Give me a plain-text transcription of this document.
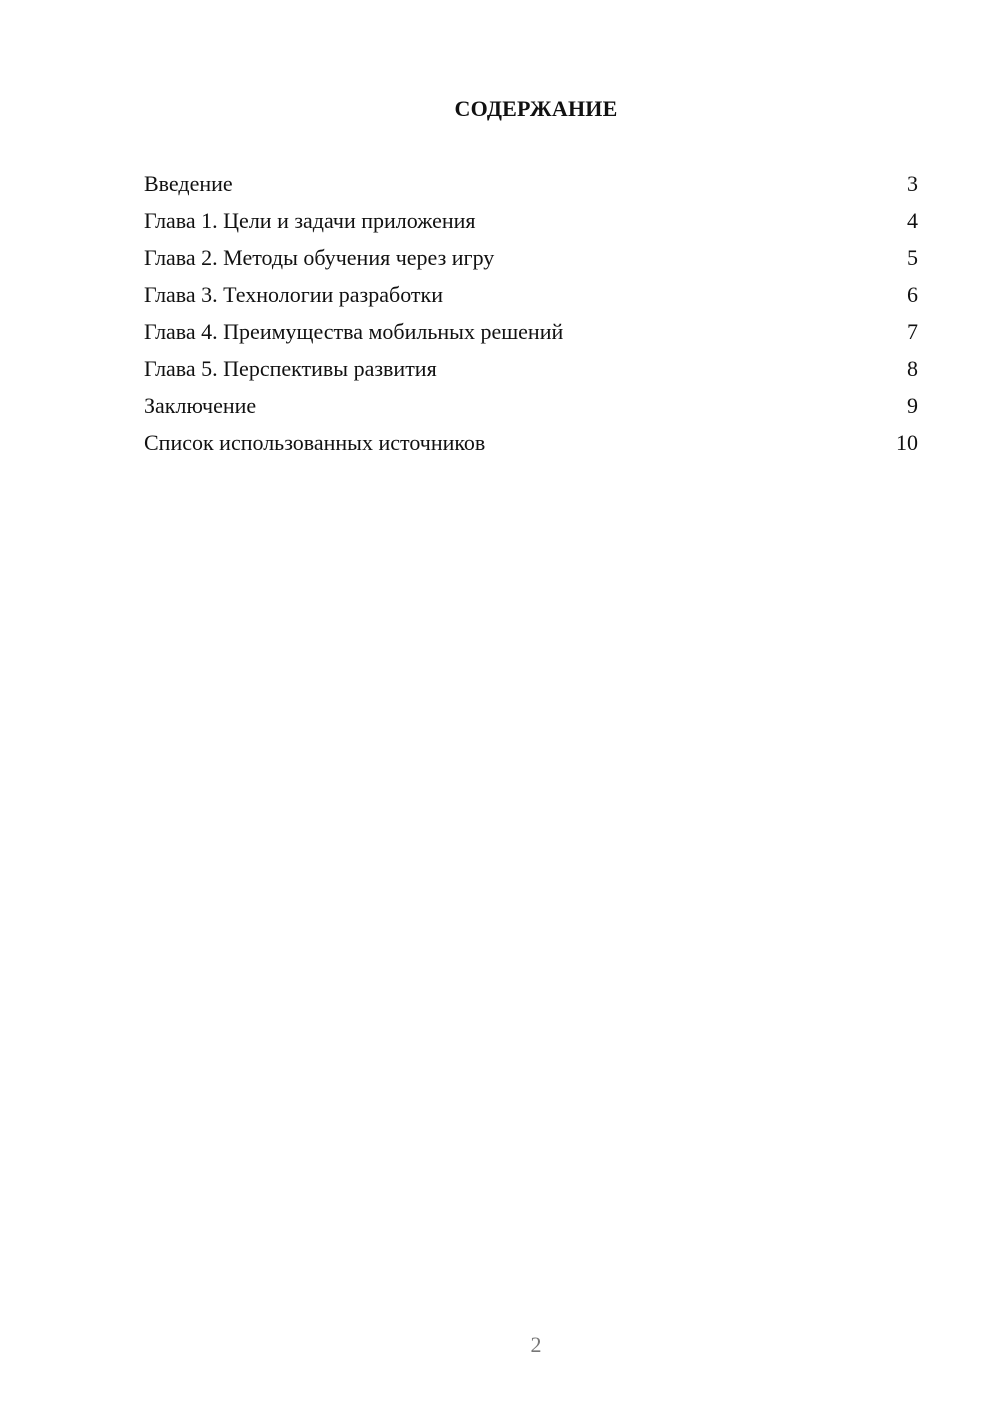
СОДЕРЖАНИЕ
Введение	3
Глава 1. Цели и задачи приложения	4
Глава 2. Методы обучения через игру	5
Глава 3. Технологии разработки	6
Глава 4. Преимущества мобильных решений	7
Глава 5. Перспективы развития	8
Заключение	9
Список использованных источников	10
2
